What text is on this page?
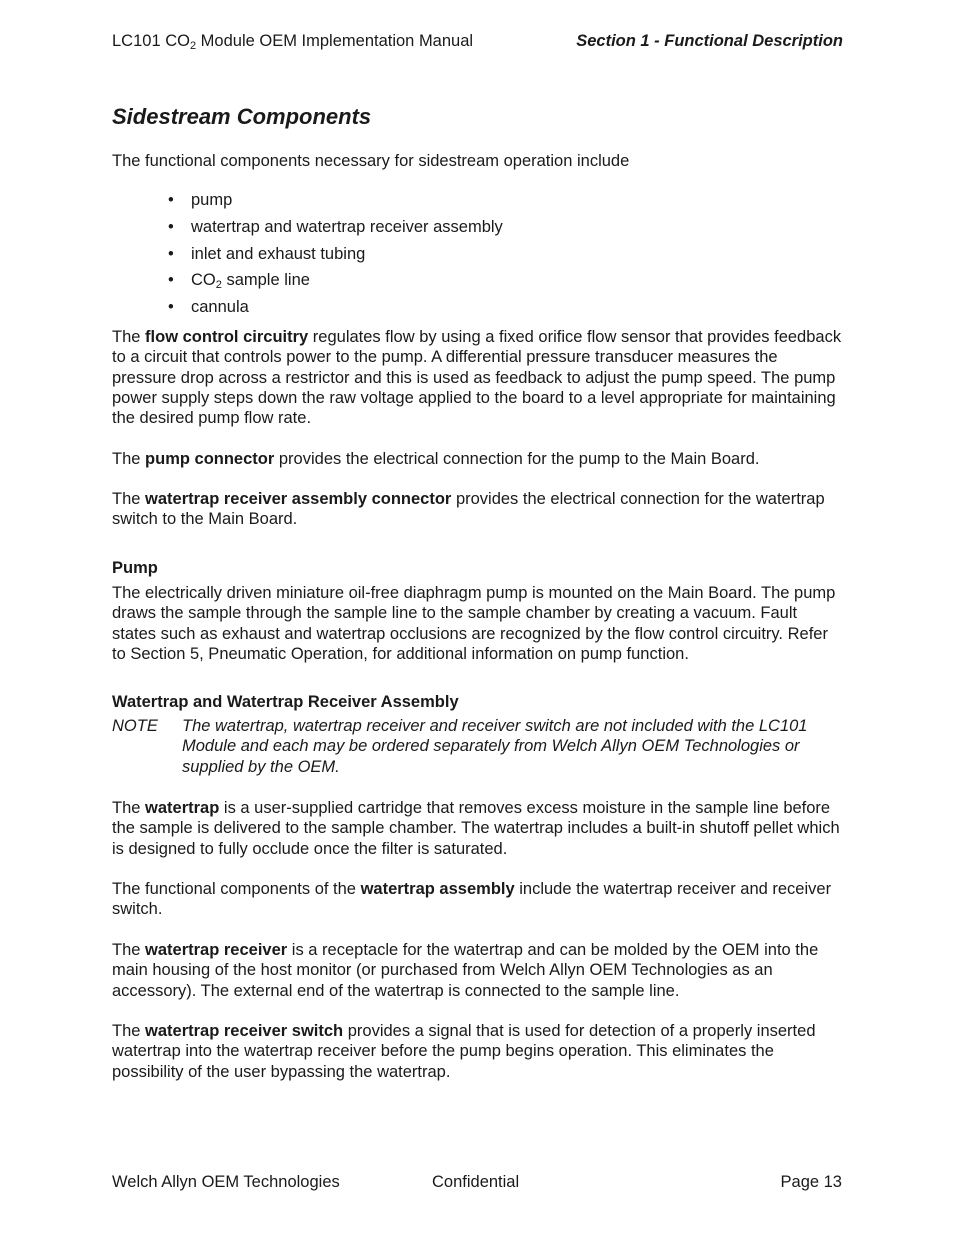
LC101 $CO_2$ Module OEM Implementation Manual	Section 1 - Functional Description
Sidestream Components
The functional components necessary for sidestream operation include
• pump
• watertrap and watertrap receiver assembly
• inlet and exhaust tubing
• $CO_2$ sample line
• cannula
The flow control circuitry regulates flow by using a fixed orifice flow sensor that provides feedback to a circuit that controls power to the pump. A differential pressure transducer measures the pressure drop across a restrictor and this is used as feedback to adjust the pump speed. The pump power supply steps down the raw voltage applied to the board to a level appropriate for maintaining the desired pump flow rate.
The pump connector provides the electrical connection for the pump to the Main Board.
The watertrap receiver assembly connector provides the electrical connection for the watertrap switch to the Main Board.
Pump
The electrically driven miniature oil-free diaphragm pump is mounted on the Main Board. The pump draws the sample through the sample line to the sample chamber by creating a vacuum. Fault states such as exhaust and watertrap occlusions are recognized by the flow control circuitry. Refer to Section 5, Pneumatic Operation, for additional information on pump function.
Watertrap and Watertrap Receiver Assembly
NOTE The watertrap, watertrap receiver and receiver switch are not included with the LC101 Module and each may be ordered separately from Welch Allyn OEM Technologies or supplied by the OEM.
The watertrap is a user-supplied cartridge that removes excess moisture in the sample line before the sample is delivered to the sample chamber. The watertrap includes a built-in shutoff pellet which is designed to fully occlude once the filter is saturated.
The functional components of the watertrap assembly include the watertrap receiver and receiver switch.
The watertrap receiver is a receptacle for the watertrap and can be molded by the OEM into the main housing of the host monitor (or purchased from Welch Allyn OEM Technologies as an accessory). The external end of the watertrap is connected to the sample line.
The watertrap receiver switch provides a signal that is used for detection of a properly inserted watertrap into the watertrap receiver before the pump begins operation. This eliminates the possibility of the user bypassing the watertrap.
Welch Allyn OEM Technologies	Confidential	Page 13
